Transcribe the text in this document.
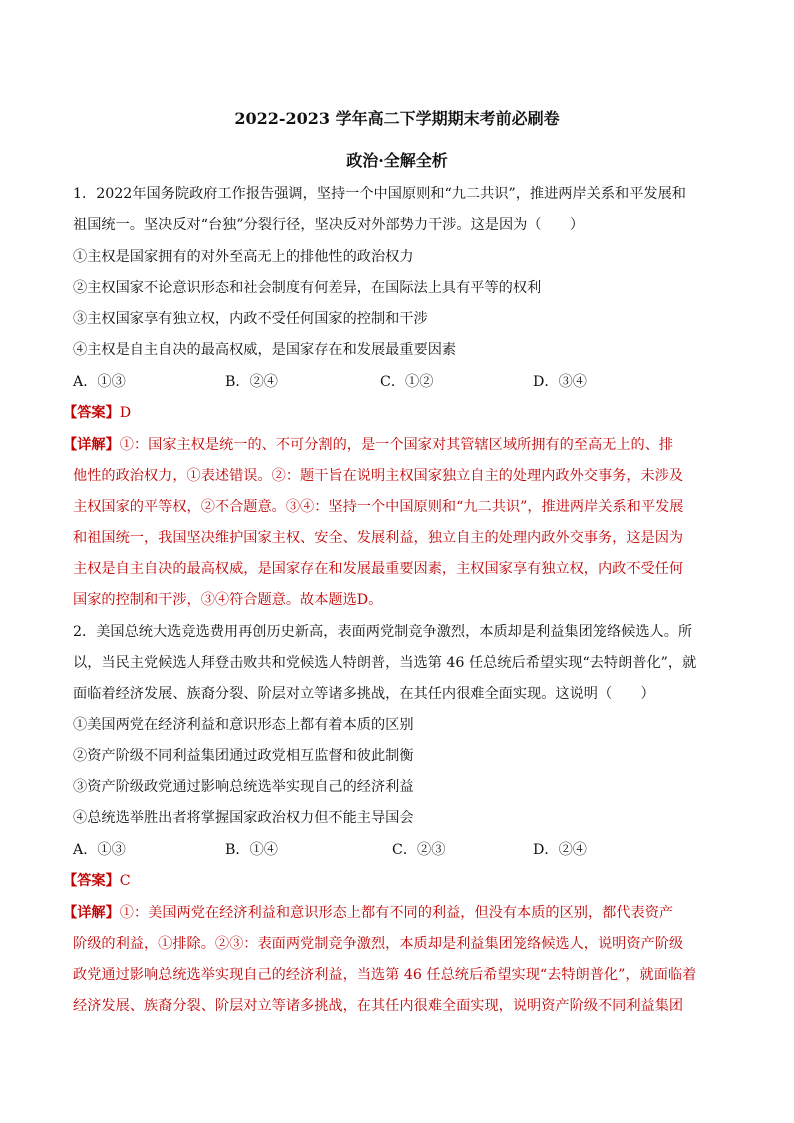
2022-2023 学年高二下学期期末考前必刷卷
政治·全解全析
1．2022年国务院政府工作报告强调，坚持一个中国原则和“九二共识”，推进两岸关系和平发展和
祖国统一。坚决反对“台独”分裂行径，坚决反对外部势力干涉。这是因为（　　）
①主权是国家拥有的对外至高无上的排他性的政治权力
②主权国家不论意识形态和社会制度有何差异，在国际法上具有平等的权利
③主权国家享有独立权，内政不受任何国家的控制和干涉
④主权是自主自决的最高权威，是国家存在和发展最重要因素
A．①③	B．②④	C．①②	D．③④
【答案】D
【详解】①：国家主权是统一的、不可分割的，是一个国家对其管辖区域所拥有的至高无上的、排
他性的政治权力，①表述错误。②：题干旨在说明主权国家独立自主的处理内政外交事务，未涉及
主权国家的平等权，②不合题意。③④：坚持一个中国原则和“九二共识”，推进两岸关系和平发展
和祖国统一，我国坚决维护国家主权、安全、发展利益，独立自主的处理内政外交事务，这是因为
主权是自主自决的最高权威，是国家存在和发展最重要因素，主权国家享有独立权，内政不受任何
国家的控制和干涉，③④符合题意。故本题选D。
2．美国总统大选竞选费用再创历史新高，表面两党制竞争激烈，本质却是利益集团笼络候选人。所
以，当民主党候选人拜登击败共和党候选人特朗普，当选第 46 任总统后希望实现“去特朗普化”，就
面临着经济发展、族裔分裂、阶层对立等诸多挑战，在其任内很难全面实现。这说明（　　）
①美国两党在经济利益和意识形态上都有着本质的区别
②资产阶级不同利益集团通过政党相互监督和彼此制衡
③资产阶级政党通过影响总统选举实现自己的经济利益
④总统选举胜出者将掌握国家政治权力但不能主导国会
A．①③	B．①④	C．②③	D．②④
【答案】C
【详解】①：美国两党在经济利益和意识形态上都有不同的利益，但没有本质的区别，都代表资产
阶级的利益，①排除。②③：表面两党制竞争激烈，本质却是利益集团笼络候选人，说明资产阶级
政党通过影响总统选举实现自己的经济利益，当选第 46 任总统后希望实现“去特朗普化”，就面临着
经济发展、族裔分裂、阶层对立等诸多挑战，在其任内很难全面实现，说明资产阶级不同利益集团
